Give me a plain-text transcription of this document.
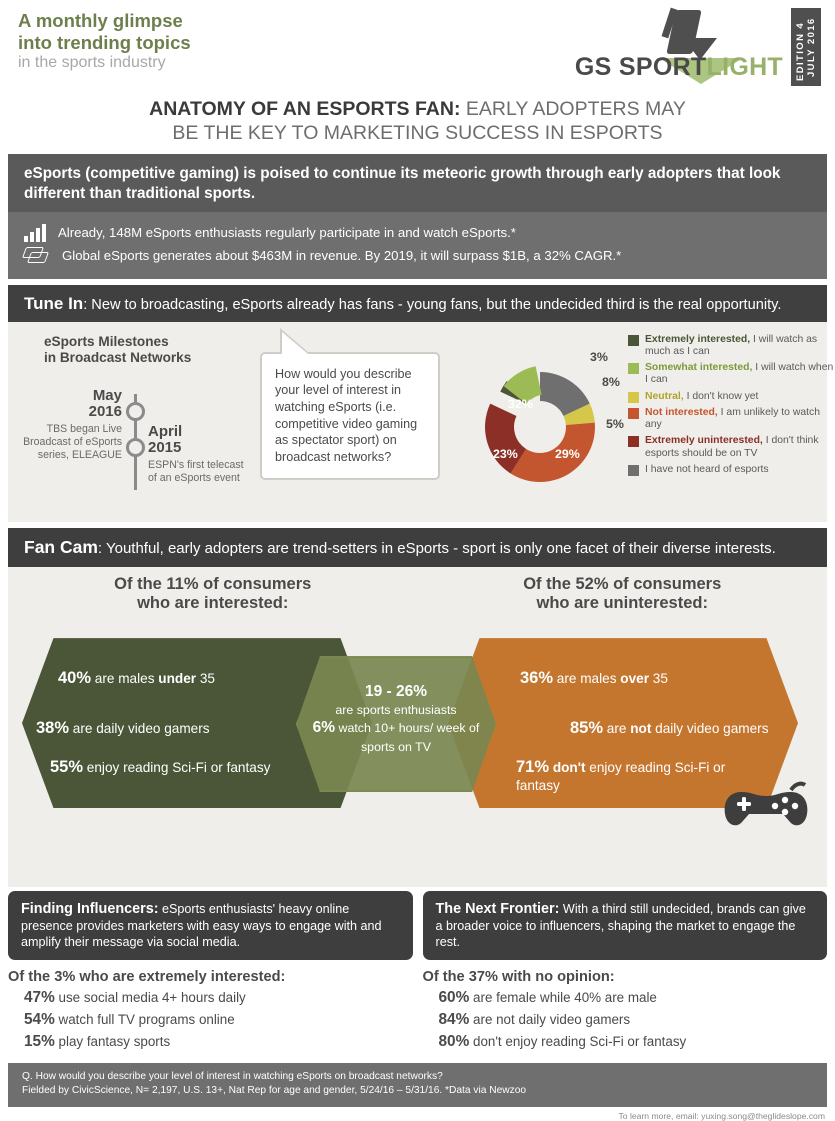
A monthly glimpse
into trending topics
in the sports industry	GS SPORTLIGHT EDITION 4   JULY 2016
ANATOMY OF AN ESPORTS FAN: EARLY ADOPTERS MAY
BE THE KEY TO MARKETING SUCCESS IN ESPORTS
eSports (competitive gaming) is poised to continue its meteoric growth through early adopters that look different than traditional sports.
Already, 148M eSports enthusiasts regularly participate in and watch eSports.*
Global eSports generates about $463M in revenue. By 2019, it will surpass $1B, a 32% CAGR.*
Tune In: New to broadcasting, eSports already has fans - young fans, but the undecided third is the real opportunity.
eSports Milestones
in Broadcast Networks
May
2016
TBS began Live Broadcast of eSports series, ELEAGUE
April
2015
ESPN's first telecast of an eSports event
How would you describe your level of interest in watching eSports (i.e. competitive video gaming as spectator sport) on broadcast networks?
32%
23%	29%
5%
8%
3%
Extremely interested, I will watch as much as I can
Somewhat interested, I will watch when I can
Neutral, I don't know yet
Not interested, I am unlikely to watch any
Extremely uninterested, I don't think esports should be on TV
I have not heard of esports
Fan Cam: Youthful, early adopters are trend-setters in eSports - sport is only one facet of their diverse interests.
Of the 11% of consumers
who are interested:
Of the 52% of consumers
who are uninterested:
40% are males under 35
38% are daily video gamers
55% enjoy reading Sci-Fi or fantasy
36% are males over 35
85% are not daily video gamers
71% don't enjoy reading Sci-Fi or fantasy
19 - 26%
are sports enthusiasts
6% watch 10+ hours/ week of sports on TV
Finding Influencers: eSports enthusiasts' heavy online presence provides marketers with easy ways to engage with and amplify their message via social media.
Of the 3% who are extremely interested:
47% use social media 4+ hours daily
54% watch full TV programs online
15% play fantasy sports
The Next Frontier: With a third still undecided, brands can give a broader voice to influencers, shaping the market to engage the rest.
Of the 37% with no opinion:
60% are female while 40% are male
84% are not daily video gamers
80% don't enjoy reading Sci-Fi or fantasy
Q. How would you describe your level of interest in watching eSports on broadcast networks?
Fielded by CivicScience, N= 2,197, U.S. 13+, Nat Rep for age and gender, 5/24/16 – 5/31/16. *Data via Newzoo
To learn more, email: yuxing.song@theglideslope.com
